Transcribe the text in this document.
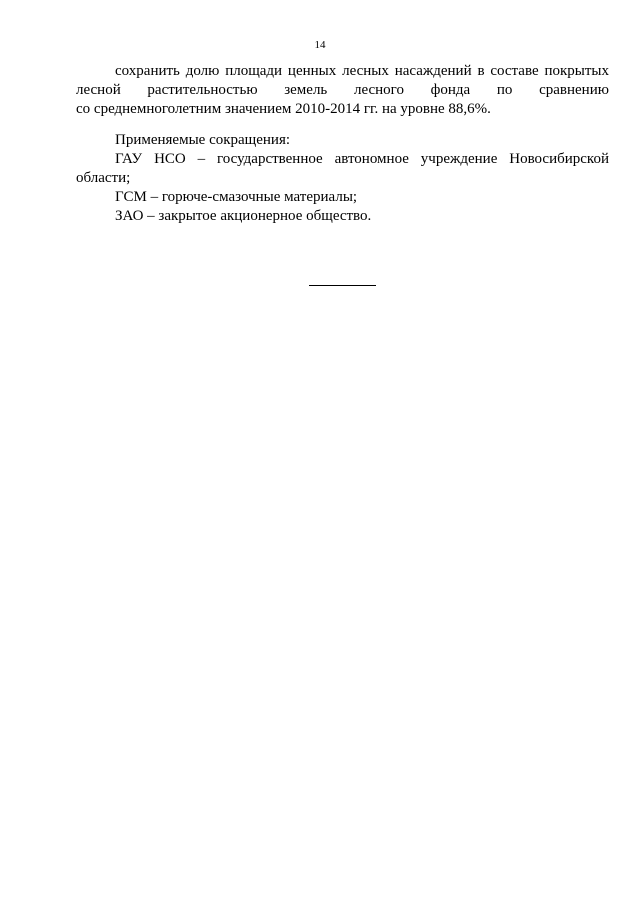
14
сохранить долю площади ценных лесных насаждений в составе покрытых
лесной растительностью земель лесного фонда по сравнению
со среднемноголетним значением 2010-2014 гг. на уровне 88,6%.
Применяемые сокращения:
ГАУ НСО – государственное автономное учреждение Новосибирской
области;
ГСМ – горюче-смазочные материалы;
ЗАО – закрытое акционерное общество.
